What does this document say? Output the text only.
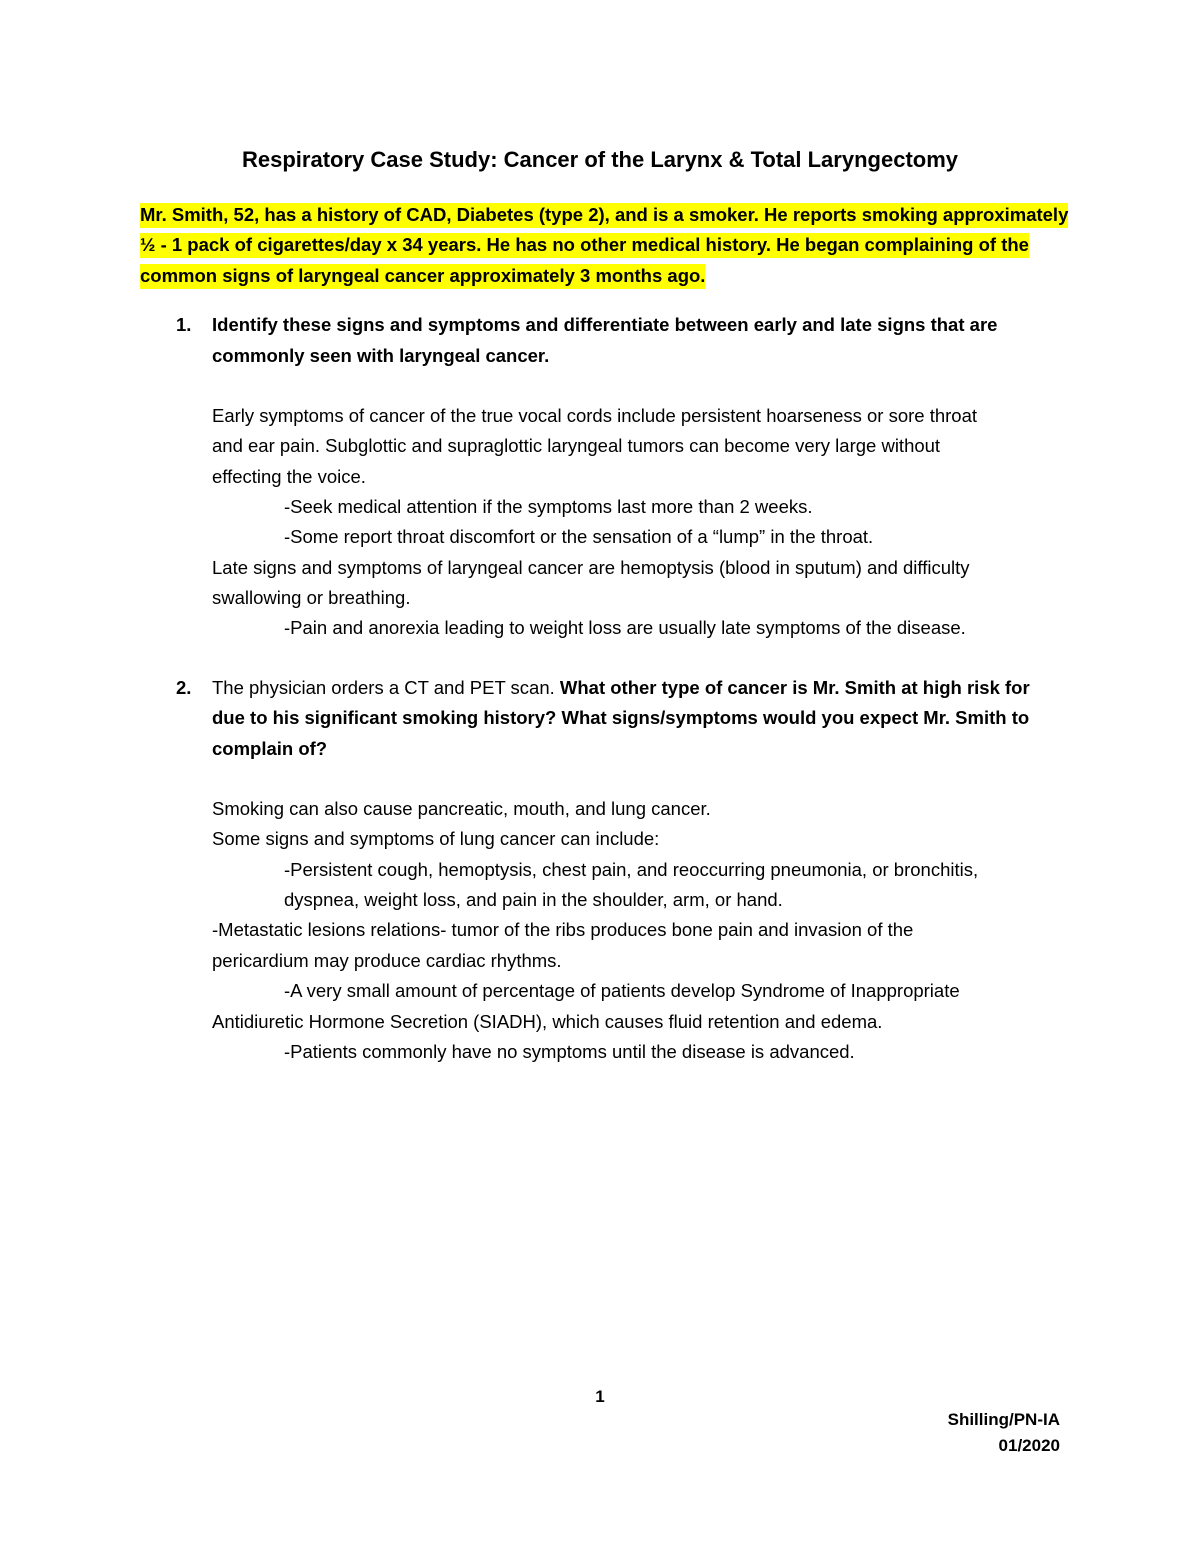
Respiratory Case Study: Cancer of the Larynx & Total Laryngectomy
Mr. Smith, 52, has a history of CAD, Diabetes (type 2), and is a smoker. He reports smoking approximately
½ - 1 pack of cigarettes/day x 34 years. He has no other medical history. He began complaining of the
common signs of laryngeal cancer approximately 3 months ago.
1. Identify these signs and symptoms and differentiate between early and late signs that are
commonly seen with laryngeal cancer.
Early symptoms of cancer of the true vocal cords include persistent hoarseness or sore throat
and ear pain. Subglottic and supraglottic laryngeal tumors can become very large without
effecting the voice.
-Seek medical attention if the symptoms last more than 2 weeks.
-Some report throat discomfort or the sensation of a “lump” in the throat.
Late signs and symptoms of laryngeal cancer are hemoptysis (blood in sputum) and difficulty
swallowing or breathing.
-Pain and anorexia leading to weight loss are usually late symptoms of the disease.
2. The physician orders a CT and PET scan. What other type of cancer is Mr. Smith at high risk for
due to his significant smoking history? What signs/symptoms would you expect Mr. Smith to
complain of?
Smoking can also cause pancreatic, mouth, and lung cancer.
Some signs and symptoms of lung cancer can include:
-Persistent cough, hemoptysis, chest pain, and reoccurring pneumonia, or bronchitis,
dyspnea, weight loss, and pain in the shoulder, arm, or hand.
-Metastatic lesions relations- tumor of the ribs produces bone pain and invasion of the
pericardium may produce cardiac rhythms.
-A very small amount of percentage of patients develop Syndrome of Inappropriate
Antidiuretic Hormone Secretion (SIADH), which causes fluid retention and edema.
-Patients commonly have no symptoms until the disease is advanced.
1
Shilling/PN-IA
01/2020
